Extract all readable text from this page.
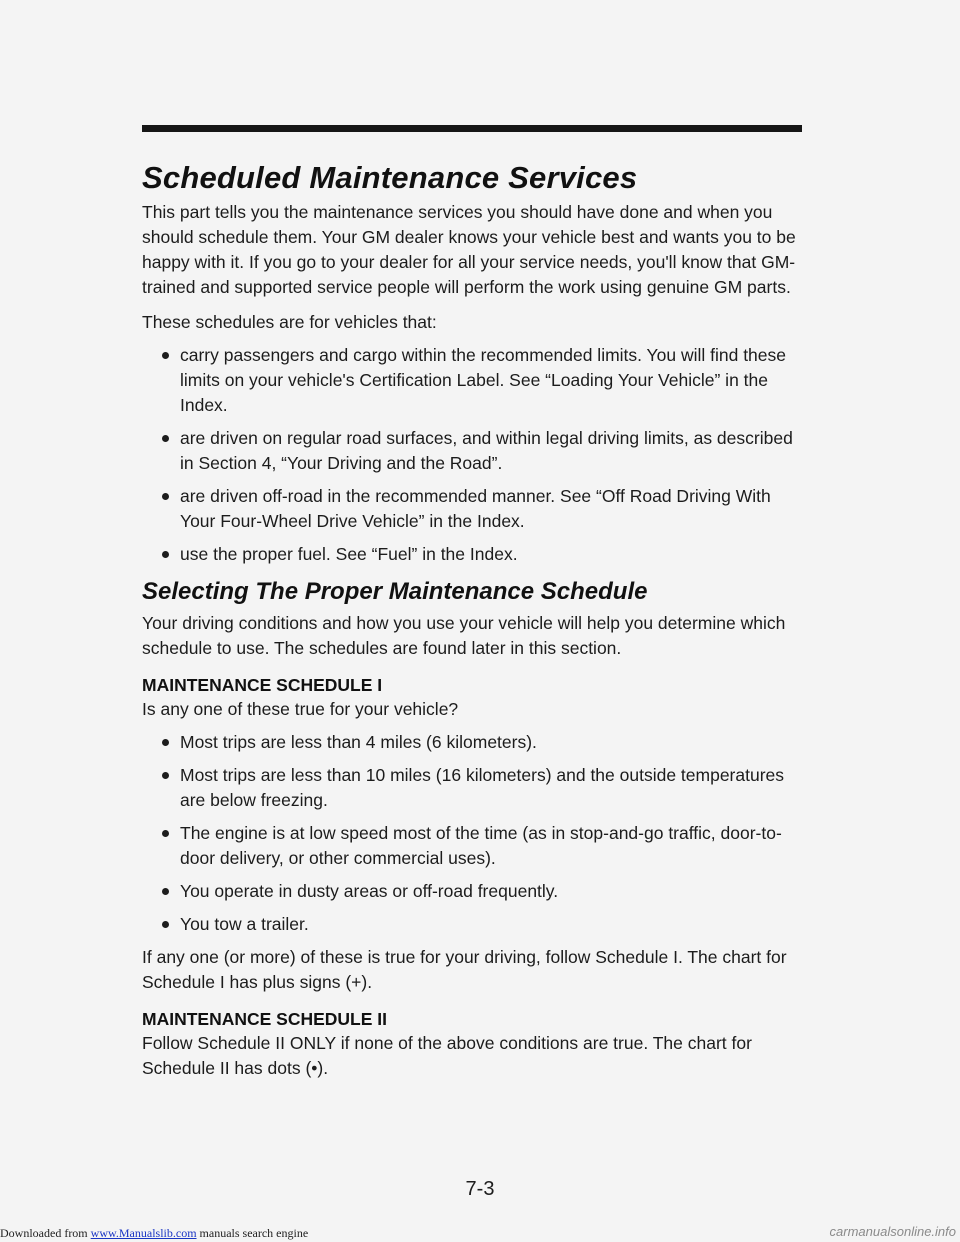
Scheduled Maintenance Services

This part tells you the maintenance services you should have done and when you should schedule them. Your GM dealer knows your vehicle best and wants you to be happy with it. If you go to your dealer for all your service needs, you'll know that GM-trained and supported service people will perform the work using genuine GM parts.

These schedules are for vehicles that:

carry passengers and cargo within the recommended limits. You will find these limits on your vehicle's Certification Label. See “Loading Your Vehicle” in the Index.
are driven on regular road surfaces, and within legal driving limits, as described in Section 4, “Your Driving and the Road”.
are driven off-road in the recommended manner. See “Off Road Driving With Your Four-Wheel Drive Vehicle” in the Index.
use the proper fuel. See “Fuel” in the Index.
Selecting The Proper Maintenance Schedule

Your driving conditions and how you use your vehicle will help you determine which schedule to use. The schedules are found later in this section.

MAINTENANCE SCHEDULE I

Is any one of these true for your vehicle?

Most trips are less than 4 miles (6 kilometers).
Most trips are less than 10 miles (16 kilometers) and the outside temperatures are below freezing.
The engine is at low speed most of the time (as in stop-and-go traffic, door-to-door delivery, or other commercial uses).
You operate in dusty areas or off-road frequently.
You tow a trailer.

If any one (or more) of these is true for your driving, follow Schedule I. The chart for Schedule I has plus signs (+).

MAINTENANCE SCHEDULE II

Follow Schedule II ONLY if none of the above conditions are true. The chart for Schedule II has dots (•).

7-3
Downloaded from www.Manualslib.com manuals search engine	carmanualsonline.info
